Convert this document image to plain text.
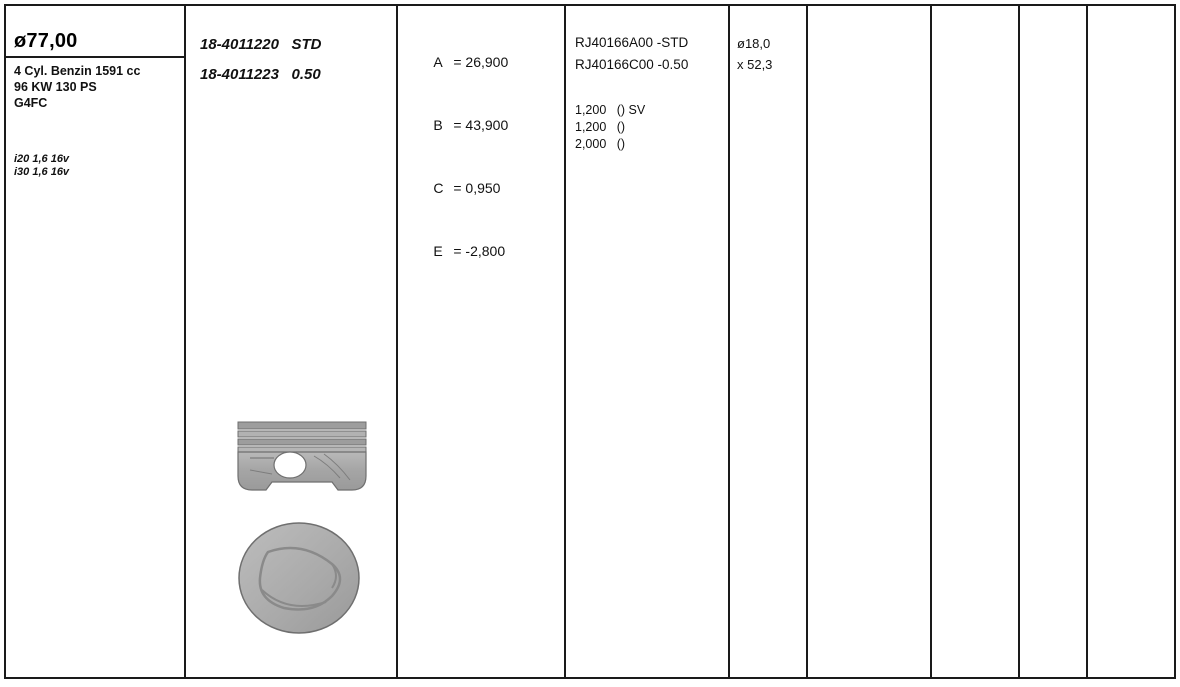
ø77,00
4 Cyl. Benzin 1591 cc
96 KW 130 PS
G4FC
i20 1,6 16v
i30 1,6 16v
18-4011220 STD
18-4011223 0.50

A = 26,900

B = 43,900

C = 0,950

E = -2,800

RJ40166A00 -STD
RJ40166C00 -0.50
1,200   () SV
1,200   ()
2,000   ()
ø18,0
x 52,3
